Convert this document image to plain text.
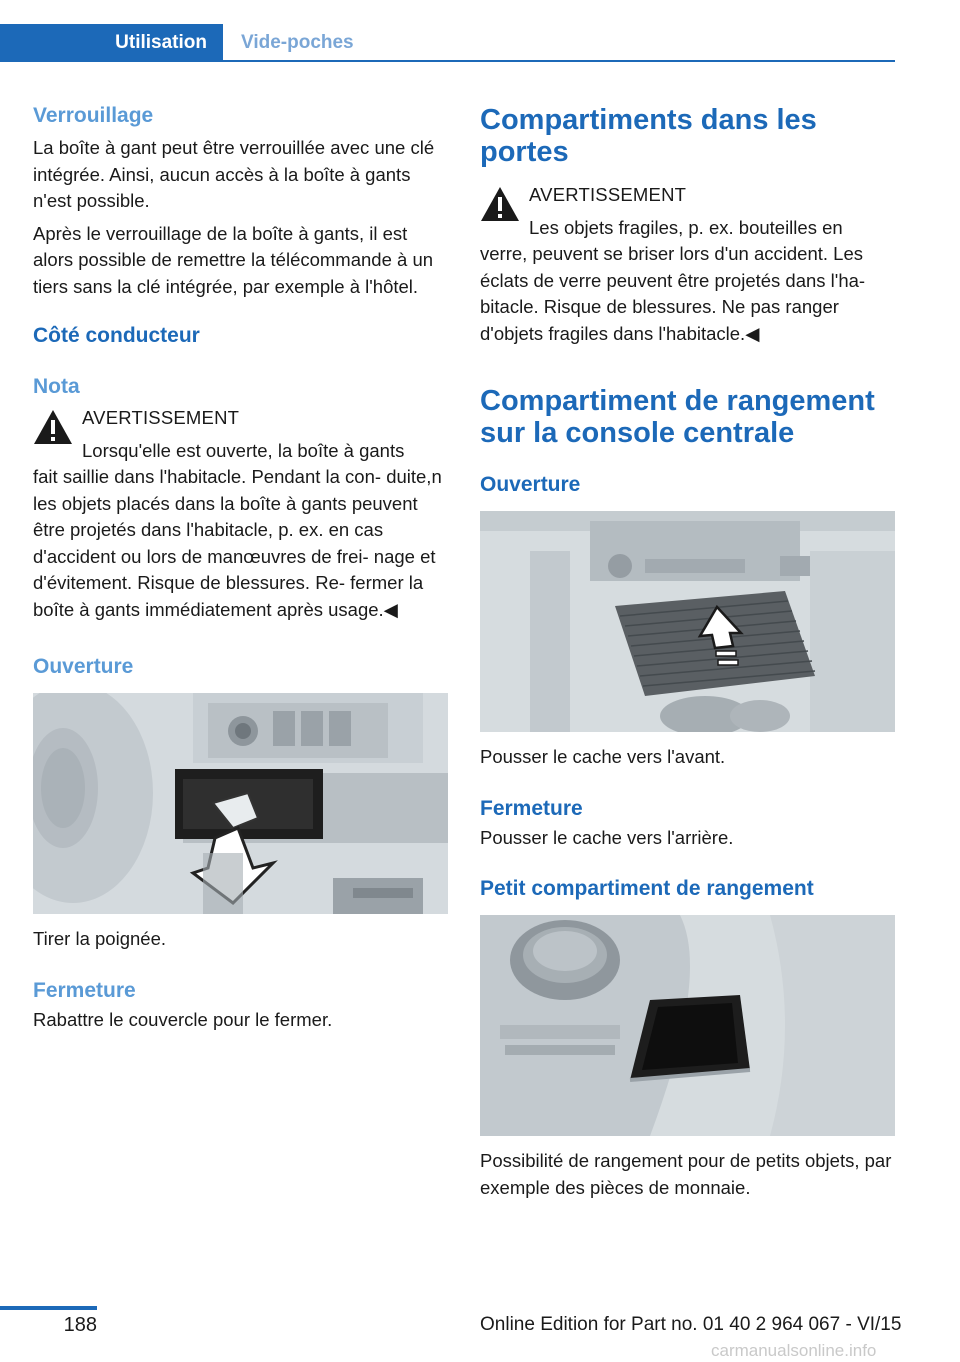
Utilisation	Vide-poches
Verrouillage

La boîte à gant peut être verrouillée avec une clé intégrée. Ainsi, aucun accès à la boîte à gants n'est possible.

Après le verrouillage de la boîte à gants, il est alors possible de remettre la télécommande à un tiers sans la clé intégrée, par exemple à l'hôtel.

Côté conducteur
Nota
AVERTISSEMENT

Lorsqu'elle est ouverte, la boîte à gants

fait saillie dans l'habitacle. Pendant la con‐ duite,n les objets placés dans la boîte à gants peuvent être projetés dans l'habitacle, p. ex. en cas d'accident ou lors de manœuvres de frei‐ nage et d'évitement. Risque de blessures. Re‐ fermer la boîte à gants immédiatement après usage.◀

Ouverture

Tirer la poignée.

Fermeture

Rabattre le couvercle pour le fermer.

Compartiments dans les portes
AVERTISSEMENT

Les objets fragiles, p. ex. bouteilles en

verre, peuvent se briser lors d'un accident. Les éclats de verre peuvent être projetés dans l'ha‐ bitacle. Risque de blessures. Ne pas ranger d'objets fragiles dans l'habitacle.◀

Compartiment de rangement sur la console centrale
Ouverture

Pousser le cache vers l'avant.

Fermeture

Pousser le cache vers l'arrière.

Petit compartiment de rangement

Possibilité de rangement pour de petits objets, par exemple des pièces de monnaie.

188	Online Edition for Part no. 01 40 2 964 067 - VI/15
carmanualsonline.info
